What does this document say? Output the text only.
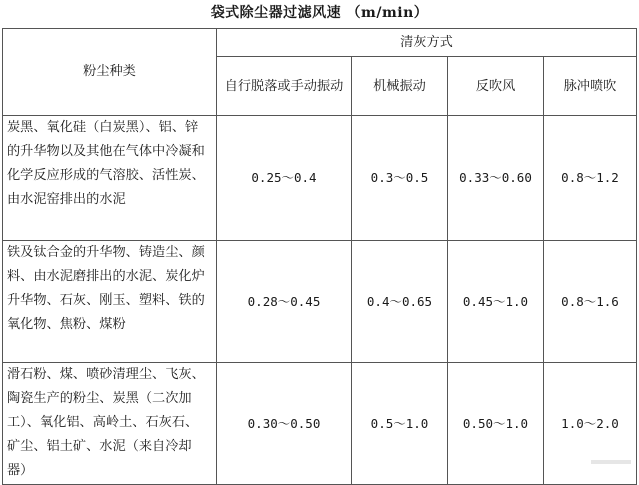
袋式除尘器过滤风速 （m/min）
粉尘种类	清灰方式			
	自行脱落或手动振动	机械振动	反吹风	脉冲喷吹
炭黑、氧化硅（白炭黑）、铝、锌的升华物以及其他在气体中冷凝和化学反应形成的气溶胶、活性炭、由水泥窑排出的水泥	0.25～0.4	0.3～0.5	0.33～0.60	0.8～1.2
铁及钛合金的升华物、铸造尘、颜料、由水泥磨排出的水泥、炭化炉升华物、石灰、刚玉、塑料、铁的氧化物、焦粉、煤粉	0.28～0.45	0.4～0.65	0.45～1.0	0.8～1.6
滑石粉、煤、喷砂清理尘、飞灰、陶瓷生产的粉尘、炭黑（二次加工）、氧化铝、高岭土、石灰石、矿尘、铝土矿、水泥（来自冷却器）	0.30～0.50	0.5～1.0	0.50～1.0	1.0～2.0
